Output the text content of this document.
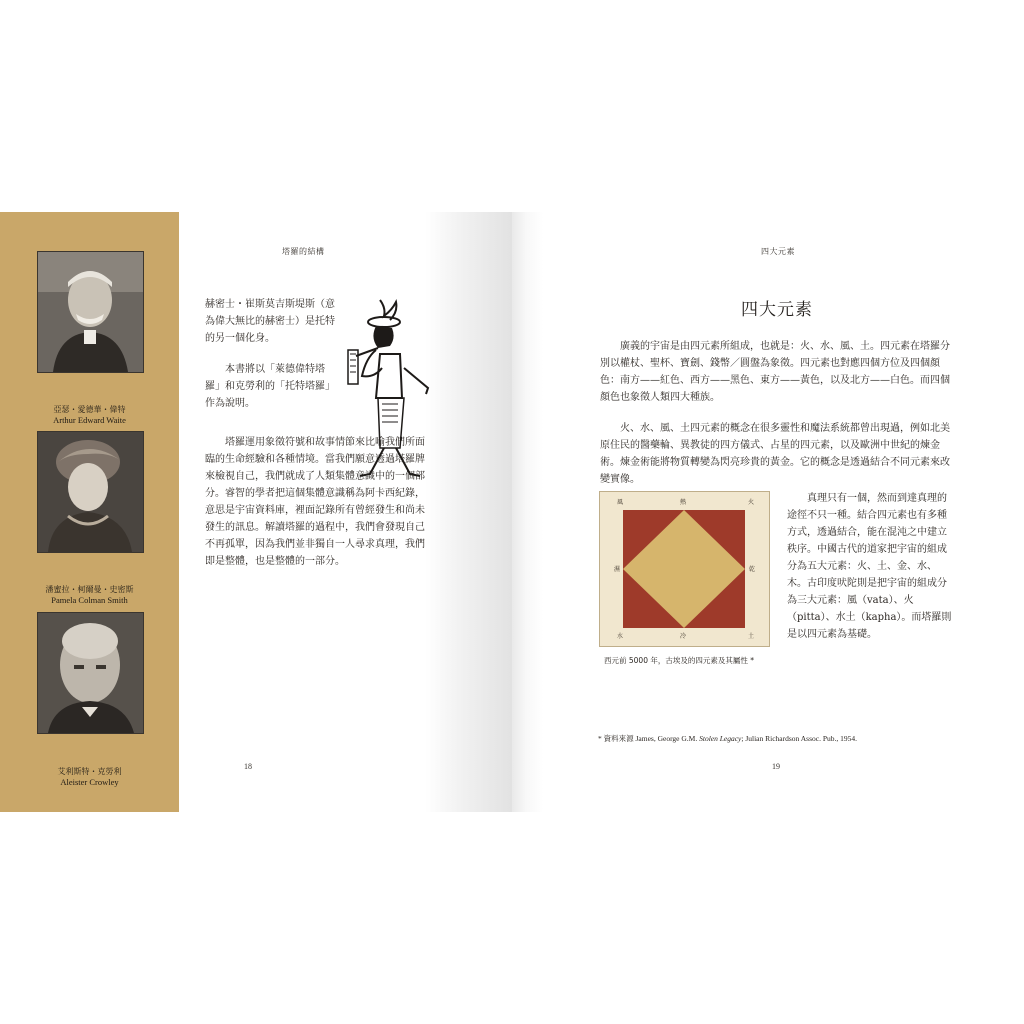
亞瑟・愛德華・偉特
Arthur Edward Waite
潘蜜拉・柯爾曼・史密斯
Pamela Colman Smith
艾利斯特・克勞利
Aleister Crowley
塔羅的結構

赫密士・崔斯莫吉斯堤斯（意為偉大無比的赫密士）是托特的另一個化身。

本書將以「萊德偉特塔羅」和克勞利的「托特塔羅」作為說明。

塔羅運用象徵符號和故事情節來比喻我們所面臨的生命經驗和各種情境。當我們願意透過塔羅牌來檢視自己，我們就成了人類集體意識中的一個部分。睿智的學者把這個集體意識稱為阿卡西紀錄，意思是宇宙資料庫，裡面記錄所有曾經發生和尚未發生的訊息。解讀塔羅的過程中，我們會發現自己不再孤單，因為我們並非獨自一人尋求真理，我們即是整體，也是整體的一部分。

18
四大元素
四大元素

廣義的宇宙是由四元素所組成，也就是：火、水、風、土。四元素在塔羅分別以權杖、聖杯、寶劍、錢幣／圓盤為象徵。四元素也對應四個方位及四個顏色：南方——紅色、西方——黑色、東方——黃色，以及北方——白色。而四個顏色也象徵人類四大種族。

火、水、風、土四元素的概念在很多靈性和魔法系統都曾出現過，例如北美原住民的醫藥輪、異教徒的四方儀式、占星的四元素，以及歐洲中世紀的煉金術。煉金術能將物質轉變為閃亮珍貴的黃金。它的概念是透過結合不同元素來改變實像。

真理只有一個，然而到達真理的途徑不只一種。結合四元素也有多種方式，透過結合，能在混沌之中建立秩序。中國古代的道家把宇宙的組成分為五大元素：火、土、金、水、木。古印度吠陀則是把宇宙的組成分為三大元素：風（vata）、火（pitta）、水土（kapha）。而塔羅則是以四元素為基礎。

風	熱	火
濕	乾
水	冷	土
西元前 5000 年，古埃及的四元素及其屬性 *
* 資料來源 James, George G.M. Stolen Legacy; Julian Richardson Assoc. Pub., 1954.
19
